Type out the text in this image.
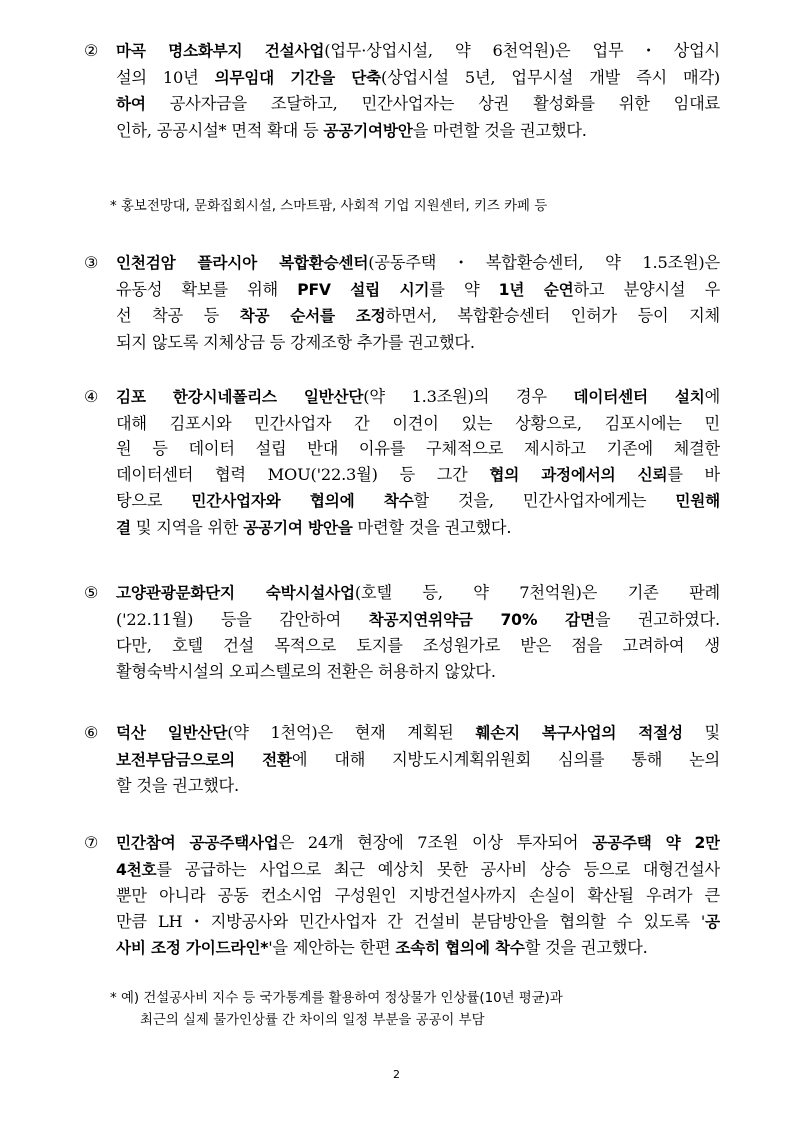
② 마곡 명소화부지 건설사업(업무·상업시설, 약 6천억원)은 업무・상업시
설의 10년 의무임대 기간을 단축(상업시설 5년, 업무시설 개발 즉시 매각)
하여 공사자금을 조달하고, 민간사업자는 상권 활성화를 위한 임대료
인하, 공공시설* 면적 확대 등 공공기여방안을 마련할 것을 권고했다.
* 홍보전망대, 문화집회시설, 스마트팜, 사회적 기업 지원센터, 키즈 카페 등
③ 인천검암 플라시아 복합환승센터(공동주택・복합환승센터, 약 1.5조원)은
유동성 확보를 위해 PFV 설립 시기를 약 1년 순연하고 분양시설 우
선 착공 등 착공 순서를 조정하면서, 복합환승센터 인허가 등이 지체
되지 않도록 지체상금 등 강제조항 추가를 권고했다.
④ 김포 한강시네폴리스 일반산단(약 1.3조원)의 경우 데이터센터 설치에
대해 김포시와 민간사업자 간 이견이 있는 상황으로, 김포시에는 민
원 등 데이터 설립 반대 이유를 구체적으로 제시하고 기존에 체결한
데이터센터 협력 MOU('22.3월) 등 그간 협의 과정에서의 신뢰를 바
탕으로 민간사업자와 협의에 착수할 것을, 민간사업자에게는 민원해
결 및 지역을 위한 공공기여 방안을 마련할 것을 권고했다.
⑤ 고양관광문화단지 숙박시설사업(호텔 등, 약 7천억원)은 기존 판례
('22.11월) 등을 감안하여 착공지연위약금 70% 감면을 권고하였다.
다만, 호텔 건설 목적으로 토지를 조성원가로 받은 점을 고려하여 생
활형숙박시설의 오피스텔로의 전환은 허용하지 않았다.
⑥ 덕산 일반산단(약 1천억)은 현재 계획된 훼손지 복구사업의 적절성 및
보전부담금으로의 전환에 대해 지방도시계획위원회 심의를 통해 논의
할 것을 권고했다.
⑦ 민간참여 공공주택사업은 24개 현장에 7조원 이상 투자되어 공공주택 약 2만
4천호를 공급하는 사업으로 최근 예상치 못한 공사비 상승 등으로 대형건설사
뿐만 아니라 공동 컨소시엄 구성원인 지방건설사까지 손실이 확산될 우려가 큰
만큼 LH・지방공사와 민간사업자 간 건설비 분담방안을 협의할 수 있도록 '공
사비 조정 가이드라인*'을 제안하는 한편 조속히 협의에 착수할 것을 권고했다.
* 예) 건설공사비 지수 등 국가통계를 활용하여 정상물가 인상률(10년 평균)과
최근의 실제 물가인상률 간 차이의 일정 부분을 공공이 부담
2
